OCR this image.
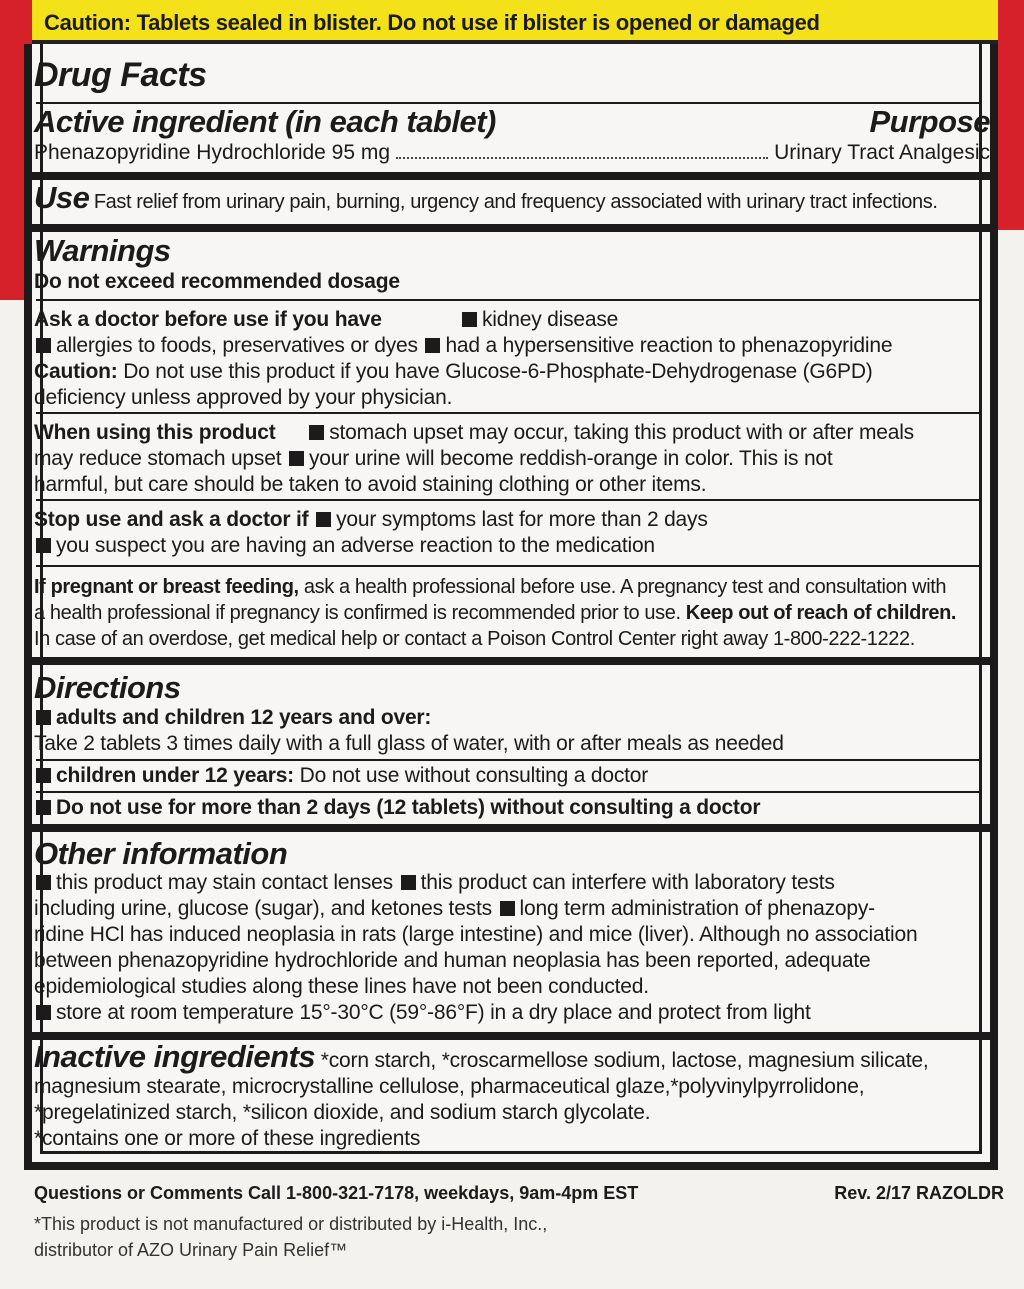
Caution: Tablets sealed in blister. Do not use if blister is opened or damaged
Drug Facts
Active ingredient (in each tablet)	Purpose
Phenazopyridine Hydrochloride 95 mg	Urinary Tract Analgesic
Use Fast relief from urinary pain, burning, urgency and frequency associated with urinary tract infections.
Warnings
Do not exceed recommended dosage
Ask a doctor before use if you have	kidney disease
allergies to foods, preservatives or dyes had a hypersensitive reaction to phenazopyridine
Caution: Do not use this product if you have Glucose-6-Phosphate-Dehydrogenase (G6PD)
deficiency unless approved by your physician.
When using this product	stomach upset may occur, taking this product with or after meals
may reduce stomach upset your urine will become reddish-orange in color. This is not
harmful, but care should be taken to avoid staining clothing or other items.
Stop use and ask a doctor if your symptoms last for more than 2 days
you suspect you are having an adverse reaction to the medication
If pregnant or breast feeding, ask a health professional before use. A pregnancy test and consultation with
a health professional if pregnancy is confirmed is recommended prior to use. Keep out of reach of children.
In case of an overdose, get medical help or contact a Poison Control Center right away 1-800-222-1222.
Directions
adults and children 12 years and over:
Take 2 tablets 3 times daily with a full glass of water, with or after meals as needed
children under 12 years: Do not use without consulting a doctor
Do not use for more than 2 days (12 tablets) without consulting a doctor
Other information
this product may stain contact lenses this product can interfere with laboratory tests
including urine, glucose (sugar), and ketones tests long term administration of phenazopy-
ridine HCl has induced neoplasia in rats (large intestine) and mice (liver). Although no association
between phenazopyridine hydrochloride and human neoplasia has been reported, adequate
epidemiological studies along these lines have not been conducted.
store at room temperature 15°-30°C (59°-86°F) in a dry place and protect from light
Inactive ingredients *corn starch, *croscarmellose sodium, lactose, magnesium silicate,
magnesium stearate, microcrystalline cellulose, pharmaceutical glaze,*polyvinylpyrrolidone,
*pregelatinized starch, *silicon dioxide, and sodium starch glycolate.
*contains one or more of these ingredients
Questions or Comments Call 1-800-321-7178, weekdays, 9am-4pm EST	Rev. 2/17 RAZOLDR
*This product is not manufactured or distributed by i-Health, Inc.,
distributor of AZO Urinary Pain Relief™
